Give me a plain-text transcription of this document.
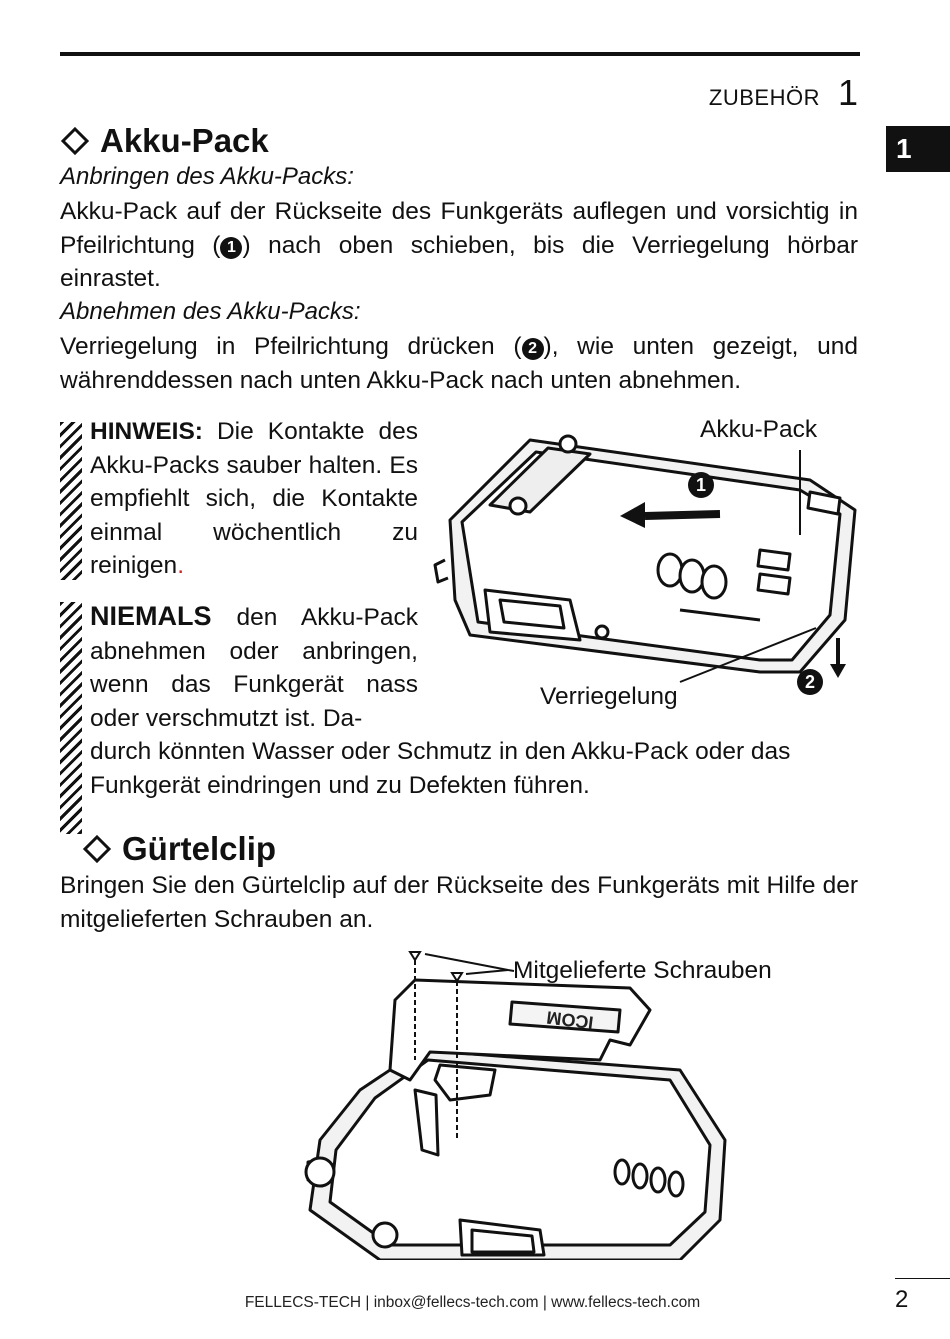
ZUBEHÖR 1
1
Akku-Pack
Anbringen des Akku-Packs:
Akku-Pack auf der Rückseite des Funkgeräts auflegen und vorsichtig in Pfeilrichtung ( 1 ) nach oben schieben, bis die Verriegelung hörbar einrastet.
Abnehmen des Akku-Packs:
Verriegelung in Pfeilrichtung drücken ( 2 ), wie unten gezeigt, und währenddessen nach unten Akku-Pack nach unten abnehmen.
HINWEIS: Die Kontakte des Akku-Packs sauber halten. Es empfiehlt sich, die Kontakte einmal wöchentlich zu reinigen.
NIEMALS den Akku-Pack abnehmen oder anbringen, wenn das Funkgerät nass oder verschmutzt ist. Da-
durch könnten Wasser oder Schmutz in den Akku-Pack oder das Funkgerät eindringen und zu Defekten führen.
1
2
Akku-Pack
Verriegelung
Gürtelclip
Bringen Sie den Gürtelclip auf der Rückseite des Funkgeräts mit Hilfe der mitgelieferten Schrauben an.
ICOM
Mitgelieferte Schrauben
FELLECS-TECH | inbox@fellecs-tech.com | www.fellecs-tech.com	2
